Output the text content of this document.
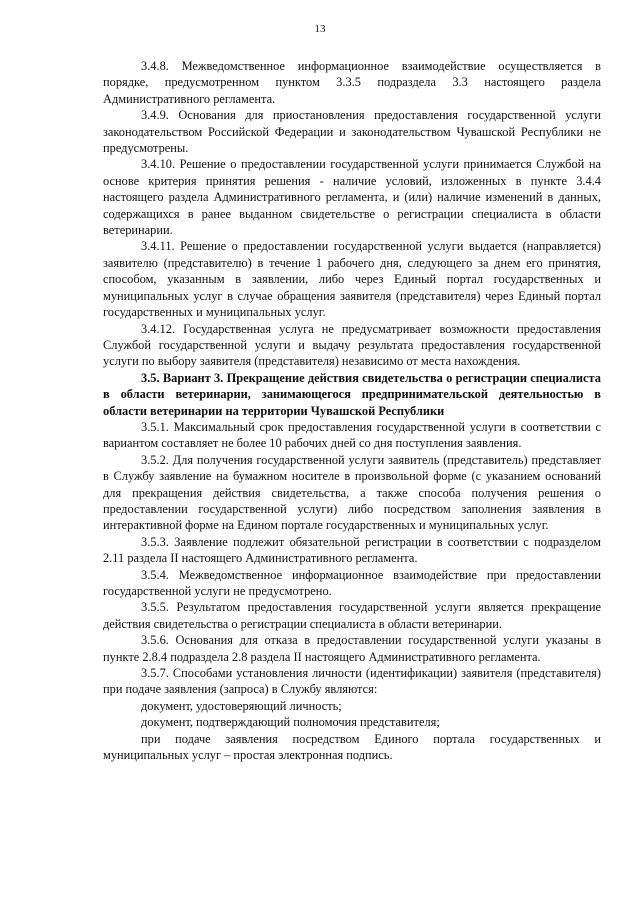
13

3.4.8. Межведомственное информационное взаимодействие осуществляется в порядке, предусмотренном пунктом 3.3.5 подраздела 3.3 настоящего раздела Административного регламента.

3.4.9. Основания для приостановления предоставления государственной услуги законодательством Российской Федерации и законодательством Чувашской Республики не предусмотрены.

3.4.10. Решение о предоставлении государственной услуги принимается Службой на основе критерия принятия решения - наличие условий, изложенных в пункте 3.4.4 настоящего раздела Административного регламента, и (или) наличие изменений в данных, содержащихся в ранее выданном свидетельстве о регистрации специалиста в области ветеринарии.

3.4.11. Решение о предоставлении государственной услуги выдается (направляется) заявителю (представителю) в течение 1 рабочего дня, следующего за днем его принятия, способом, указанным в заявлении, либо через Единый портал государственных и муниципальных услуг в случае обращения заявителя (представителя) через Единый портал государственных и муниципальных услуг.

3.4.12. Государственная услуга не предусматривает возможности предоставления Службой государственной услуги и выдачу результата предоставления государственной услуги по выбору заявителя (представителя) независимо от места нахождения.

3.5. Вариант 3. Прекращение действия свидетельства о регистрации специалиста в области ветеринарии, занимающегося предпринимательской деятельностью в области ветеринарии на территории Чувашской Республики

3.5.1. Максимальный срок предоставления государственной услуги в соответствии с вариантом составляет не более 10 рабочих дней со дня поступления заявления.

3.5.2. Для получения государственной услуги заявитель (представитель) представляет в Службу заявление на бумажном носителе в произвольной форме (с указанием оснований для прекращения действия свидетельства, а также способа получения решения о предоставлении государственной услуги) либо посредством заполнения заявления в интерактивной форме на Едином портале государственных и муниципальных услуг.

3.5.3. Заявление подлежит обязательной регистрации в соответствии с подразделом 2.11 раздела II настоящего Административного регламента.

3.5.4. Межведомственное информационное взаимодействие при предоставлении государственной услуги не предусмотрено.

3.5.5. Результатом предоставления государственной услуги является прекращение действия свидетельства о регистрации специалиста в области ветеринарии.

3.5.6. Основания для отказа в предоставлении государственной услуги указаны в пункте 2.8.4 подраздела 2.8 раздела II настоящего Административного регламента.

3.5.7. Способами установления личности (идентификации) заявителя (представителя) при подаче заявления (запроса) в Службу являются:

документ, удостоверяющий личность;

документ, подтверждающий полномочия представителя;

при подаче заявления посредством Единого портала государственных и муниципальных услуг – простая электронная подпись.
